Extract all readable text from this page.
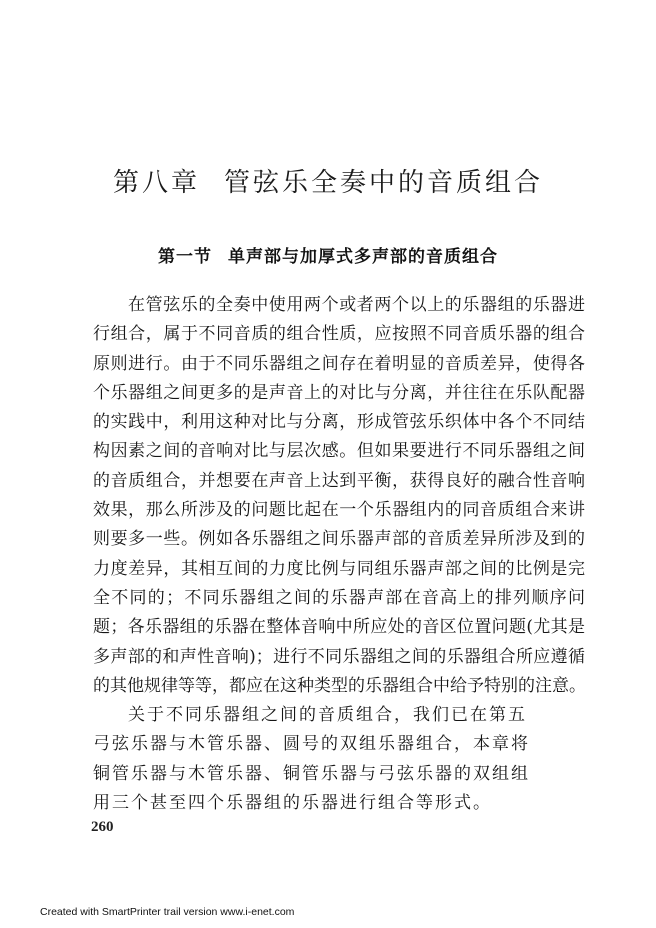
第八章 管弦乐全奏中的音质组合
第一节 单声部与加厚式多声部的音质组合

在管弦乐的全奏中使用两个或者两个以上的乐器组的乐器进
行组合，属于不同音质的组合性质，应按照不同音质乐器的组合
原则进行。由于不同乐器组之间存在着明显的音质差异，使得各
个乐器组之间更多的是声音上的对比与分离，并往往在乐队配器
的实践中，利用这种对比与分离，形成管弦乐织体中各个不同结
构因素之间的音响对比与层次感。但如果要进行不同乐器组之间
的音质组合，并想要在声音上达到平衡，获得良好的融合性音响
效果，那么所涉及的问题比起在一个乐器组内的同音质组合来讲
则要多一些。例如各乐器组之间乐器声部的音质差异所涉及到的
力度差异，其相互间的力度比例与同组乐器声部之间的比例是完
全不同的；不同乐器组之间的乐器声部在音高上的排列顺序问
题；各乐器组的乐器在整体音响中所应处的音区位置问题(尤其是
多声部的和声性音响)；进行不同乐器组之间的乐器组合所应遵循
的其他规律等等，都应在这种类型的乐器组合中给予特别的注意。

关于不同乐器组之间的音质组合，我们已在第五
弓弦乐器与木管乐器、圆号的双组乐器组合，本章将
铜管乐器与木管乐器、铜管乐器与弓弦乐器的双组组
用三个甚至四个乐器组的乐器进行组合等形式。

260
Created with SmartPrinter trail version www.i-enet.com
